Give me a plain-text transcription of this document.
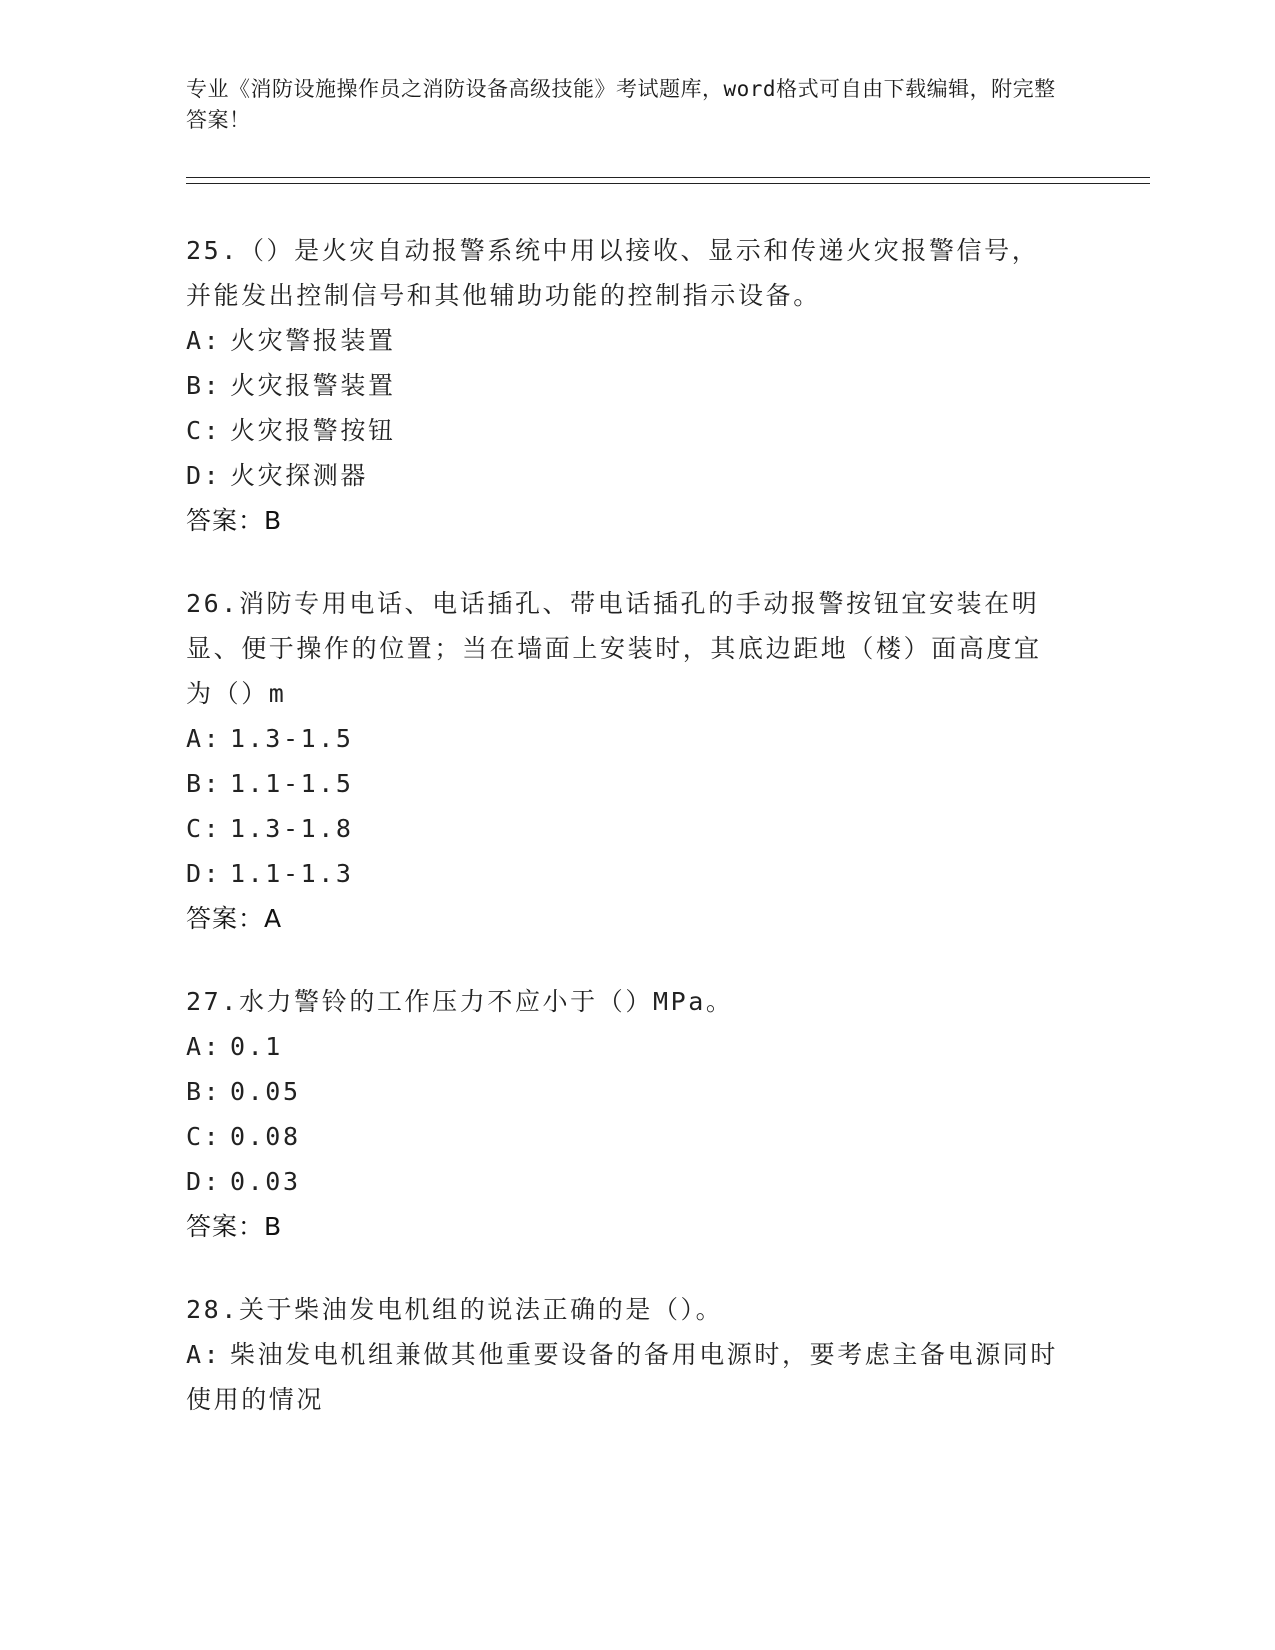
专业《消防设施操作员之消防设备高级技能》考试题库，word格式可自由下载编辑，附完整答案！

25.（）是火灾自动报警系统中用以接收、显示和传递火灾报警信号，并能发出控制信号和其他辅助功能的控制指示设备。

A: 火灾警报装置

B: 火灾报警装置

C: 火灾报警按钮

D: 火灾探测器

答案：B

26.消防专用电话、电话插孔、带电话插孔的手动报警按钮宜安装在明显、便于操作的位置；当在墙面上安装时，其底边距地（楼）面高度宜为（）m

A: 1.3-1.5

B: 1.1-1.5

C: 1.3-1.8

D: 1.1-1.3

答案：A

27.水力警铃的工作压力不应小于（）MPa。

A: 0.1

B: 0.05

C: 0.08

D: 0.03

答案：B

28.关于柴油发电机组的说法正确的是（）。

A: 柴油发电机组兼做其他重要设备的备用电源时，要考虑主备电源同时使用的情况
